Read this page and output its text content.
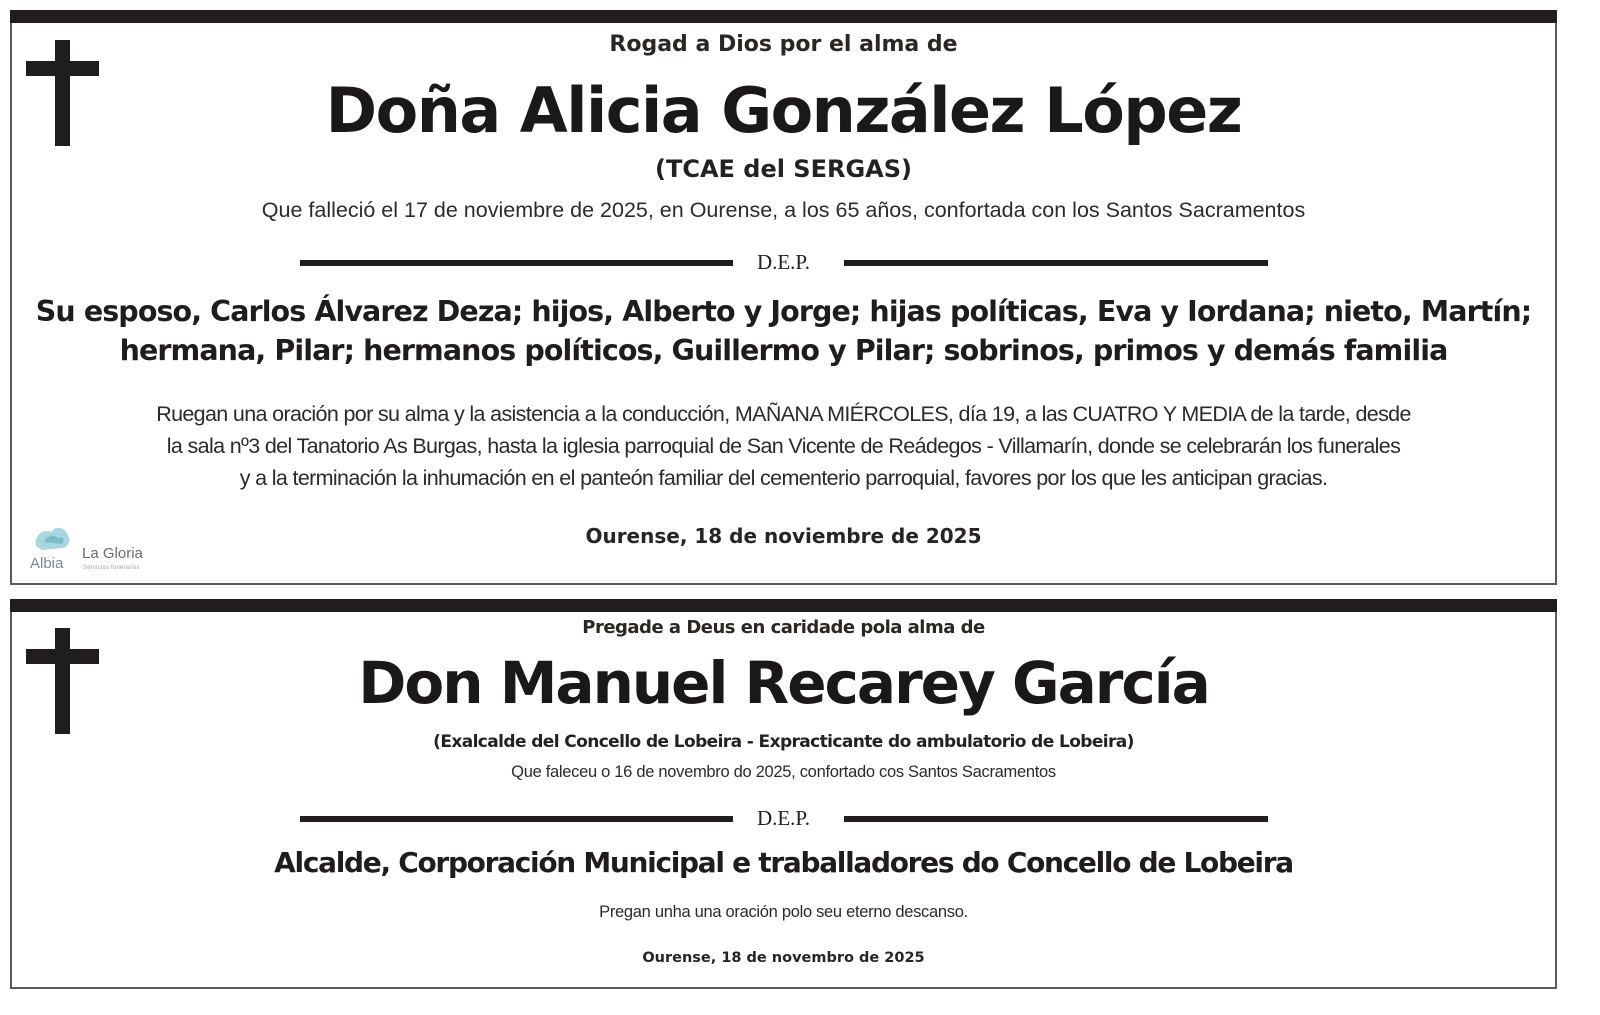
Rogad a Dios por el alma de
Doña Alicia González López
(TCAE del SERGAS)
Que falleció el 17 de noviembre de 2025, en Ourense, a los 65 años, confortada con los Santos Sacramentos
D.E.P.
Su esposo, Carlos Álvarez Deza; hijos, Alberto y Jorge; hijas políticas, Eva y Iordana; nieto, Martín;
hermana, Pilar; hermanos políticos, Guillermo y Pilar; sobrinos, primos y demás familia
Ruegan una oración por su alma y la asistencia a la conducción, MAÑANA MIÉRCOLES, día 19, a las CUATRO Y MEDIA de la tarde, desde
la sala nº3 del Tanatorio As Burgas, hasta la iglesia parroquial de San Vicente de Reádegos - Villamarín, donde se celebrarán los funerales
y a la terminación la inhumación en el panteón familiar del cementerio parroquial, favores por los que les anticipan gracias.
Ourense, 18 de noviembre de 2025
Albia
La Gloria
Servicios funerarios
Pregade a Deus en caridade pola alma de
Don Manuel Recarey García
(Exalcalde del Concello de Lobeira - Expracticante do ambulatorio de Lobeira)
Que faleceu o 16 de novembro do 2025, confortado cos Santos Sacramentos
D.E.P.
Alcalde, Corporación Municipal e traballadores do Concello de Lobeira
Pregan unha una oración polo seu eterno descanso.
Ourense, 18 de novembro de 2025
